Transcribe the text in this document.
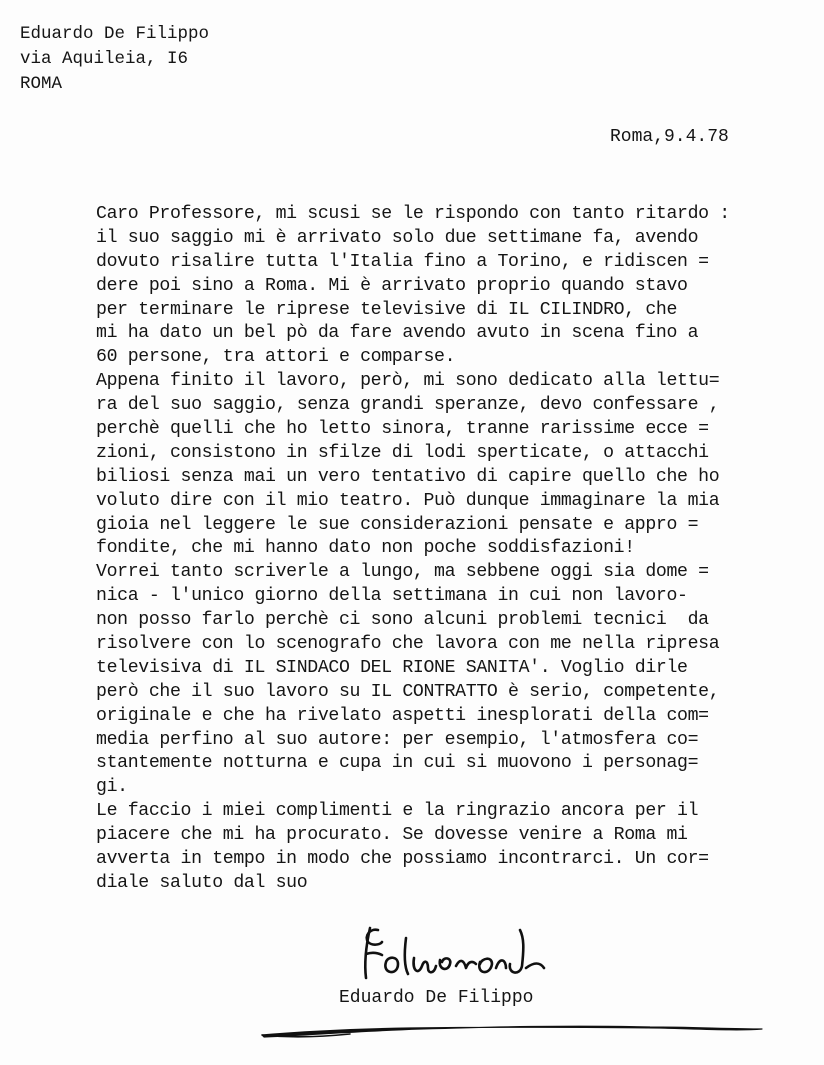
Eduardo De Filippo
via Aquileia, I6
ROMA
Roma,9.4.78
Caro Professore, mi scusi se le rispondo con tanto ritardo :
il suo saggio mi è arrivato solo due settimane fa, avendo
dovuto risalire tutta l'Italia fino a Torino, e ridiscen =
dere poi sino a Roma. Mi è arrivato proprio quando stavo
per terminare le riprese televisive di IL CILINDRO, che
mi ha dato un bel pò da fare avendo avuto in scena fino a
60 persone, tra attori e comparse.
Appena finito il lavoro, però, mi sono dedicato alla lettu=
ra del suo saggio, senza grandi speranze, devo confessare ,
perchè quelli che ho letto sinora, tranne rarissime ecce =
zioni, consistono in sfilze di lodi sperticate, o attacchi
biliosi senza mai un vero tentativo di capire quello che ho
voluto dire con il mio teatro. Può dunque immaginare la mia
gioia nel leggere le sue considerazioni pensate e appro =
fondite, che mi hanno dato non poche soddisfazioni!
Vorrei tanto scriverle a lungo, ma sebbene oggi sia dome =
nica - l'unico giorno della settimana in cui non lavoro-
non posso farlo perchè ci sono alcuni problemi tecnici  da
risolvere con lo scenografo che lavora con me nella ripresa
televisiva di IL SINDACO DEL RIONE SANITA'. Voglio dirle
però che il suo lavoro su IL CONTRATTO è serio, competente,
originale e che ha rivelato aspetti inesplorati della com=
media perfino al suo autore: per esempio, l'atmosfera co=
stantemente notturna e cupa in cui si muovono i personag=
gi.
Le faccio i miei complimenti e la ringrazio ancora per il
piacere che mi ha procurato. Se dovesse venire a Roma mi
avverta in tempo in modo che possiamo incontrarci. Un cor=
diale saluto dal suo
Eduardo De Filippo
